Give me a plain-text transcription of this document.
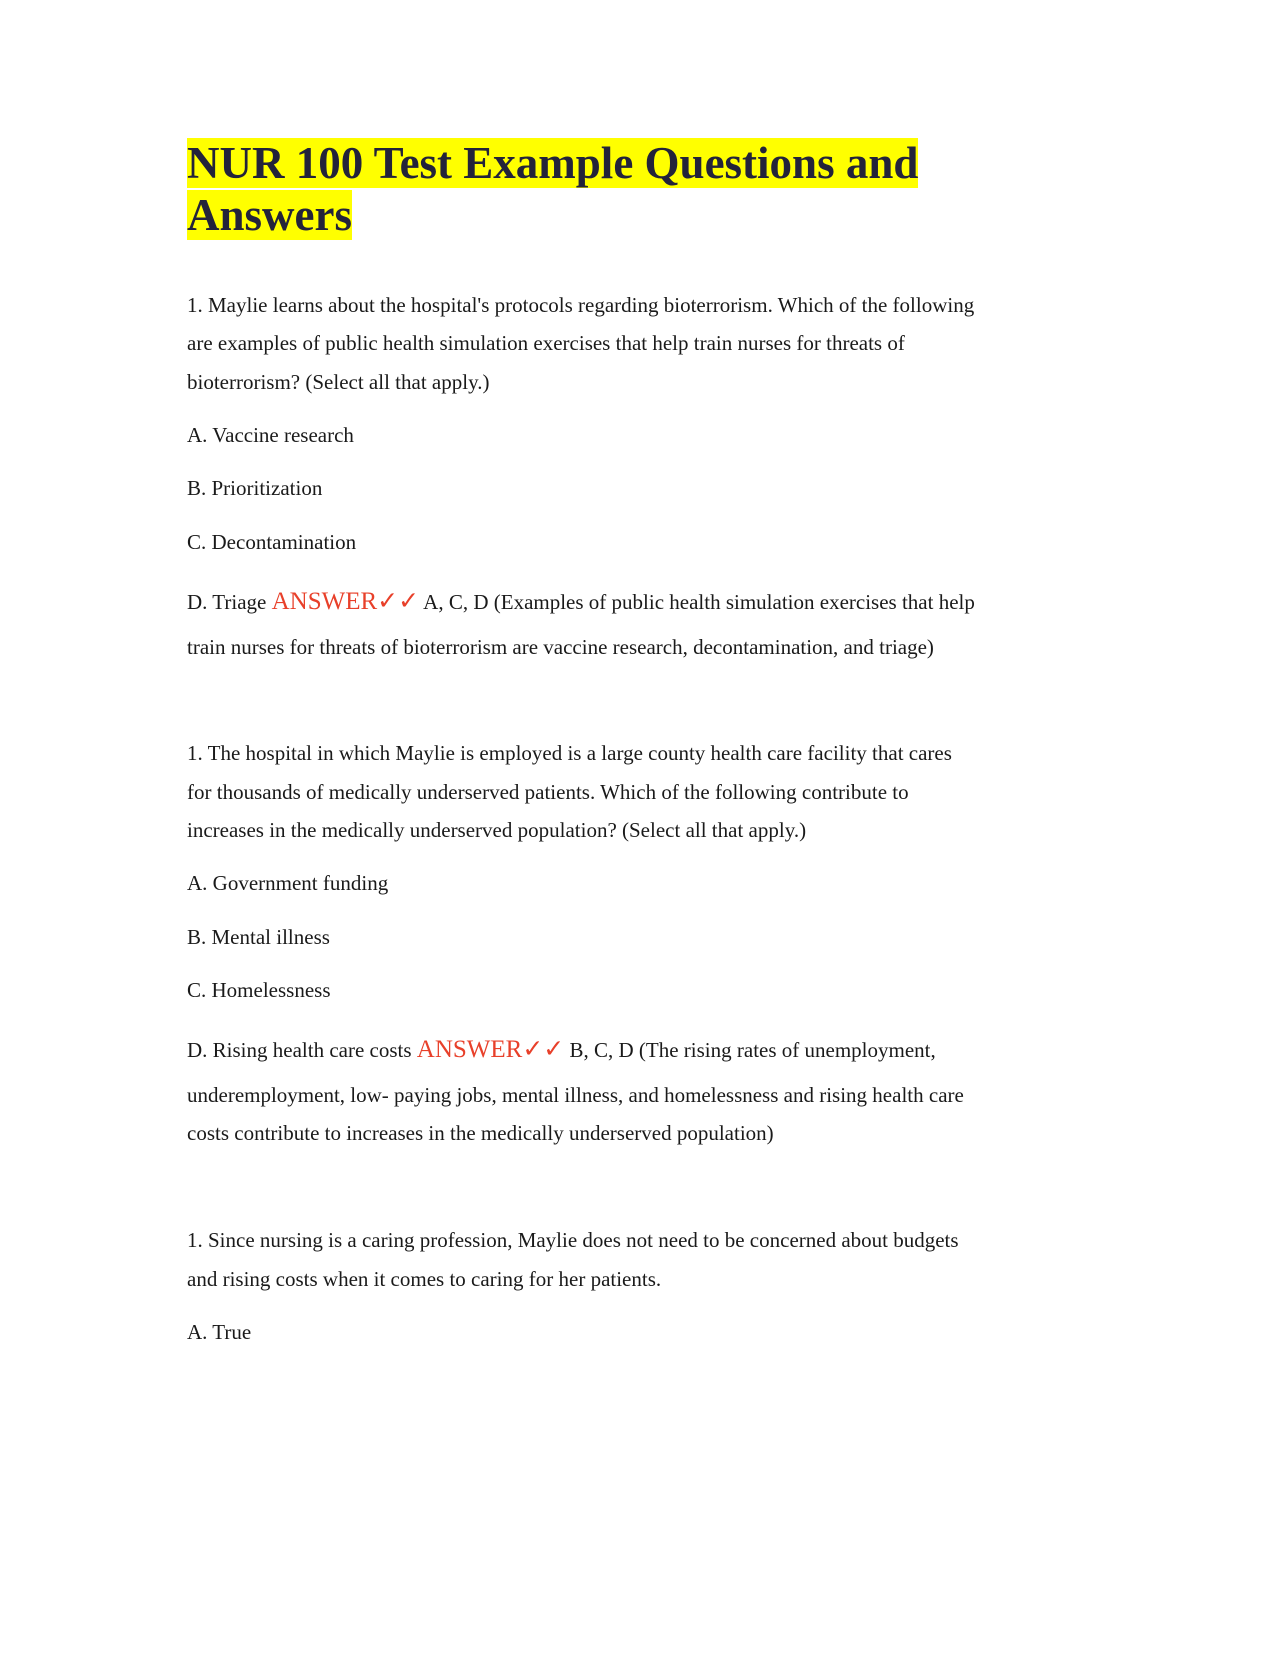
NUR 100 Test Example Questions and
Answers
1. Maylie learns about the hospital's protocols regarding bioterrorism. Which of the following
are examples of public health simulation exercises that help train nurses for threats of
bioterrorism? (Select all that apply.)
A. Vaccine research
B. Prioritization
C. Decontamination
D. Triage ANSWER✓✓ A, C, D (Examples of public health simulation exercises that help
train nurses for threats of bioterrorism are vaccine research, decontamination, and triage)
1. The hospital in which Maylie is employed is a large county health care facility that cares
for thousands of medically underserved patients. Which of the following contribute to
increases in the medically underserved population? (Select all that apply.)
A. Government funding
B. Mental illness
C. Homelessness
D. Rising health care costs ANSWER✓✓ B, C, D (The rising rates of unemployment,
underemployment, low- paying jobs, mental illness, and homelessness and rising health care
costs contribute to increases in the medically underserved population)
1. Since nursing is a caring profession, Maylie does not need to be concerned about budgets
and rising costs when it comes to caring for her patients.
A. True
